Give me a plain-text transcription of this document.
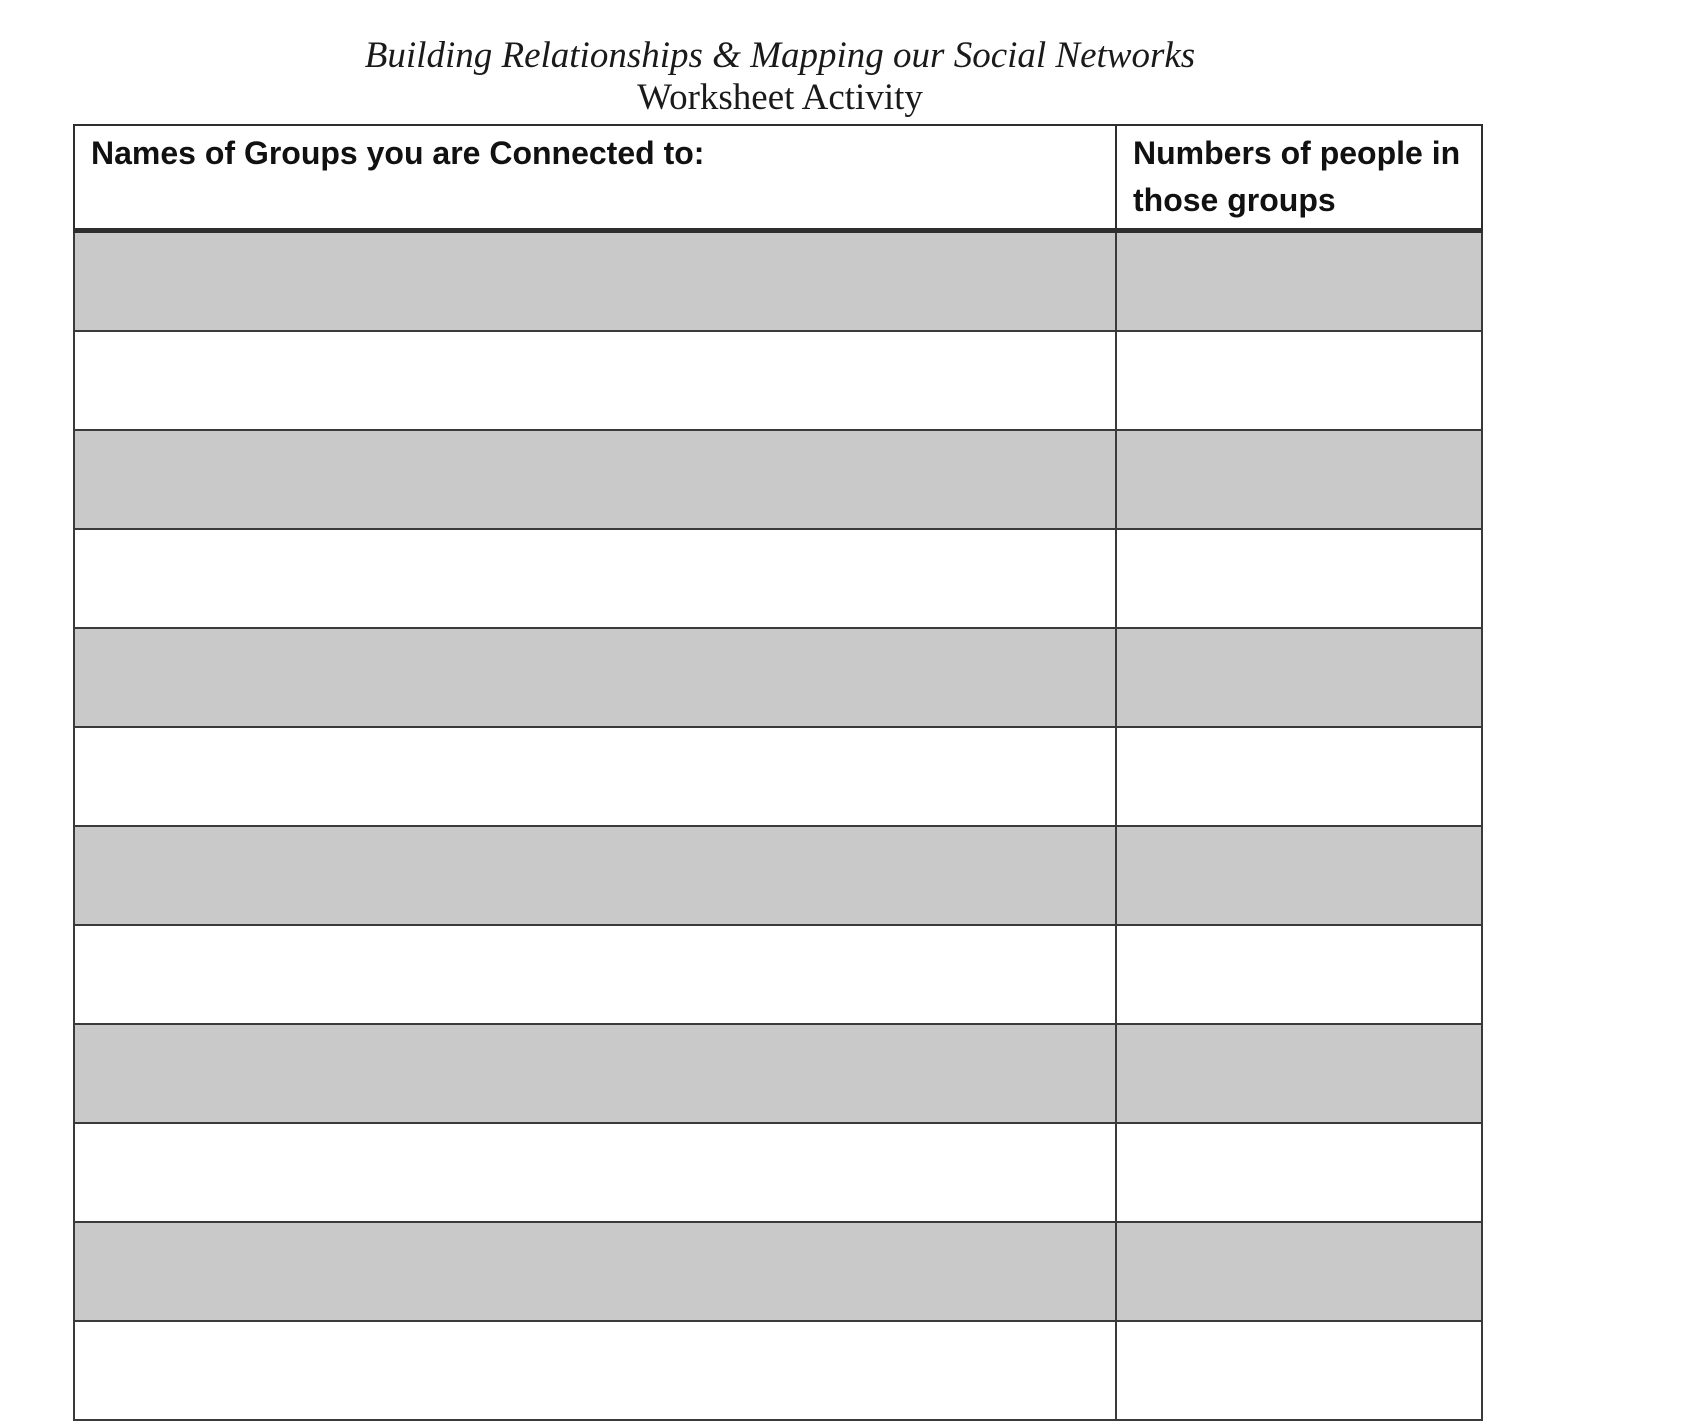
Building Relationships & Mapping our Social Networks
Worksheet Activity
Names of Groups you are Connected to:	Numbers of people in those groups
